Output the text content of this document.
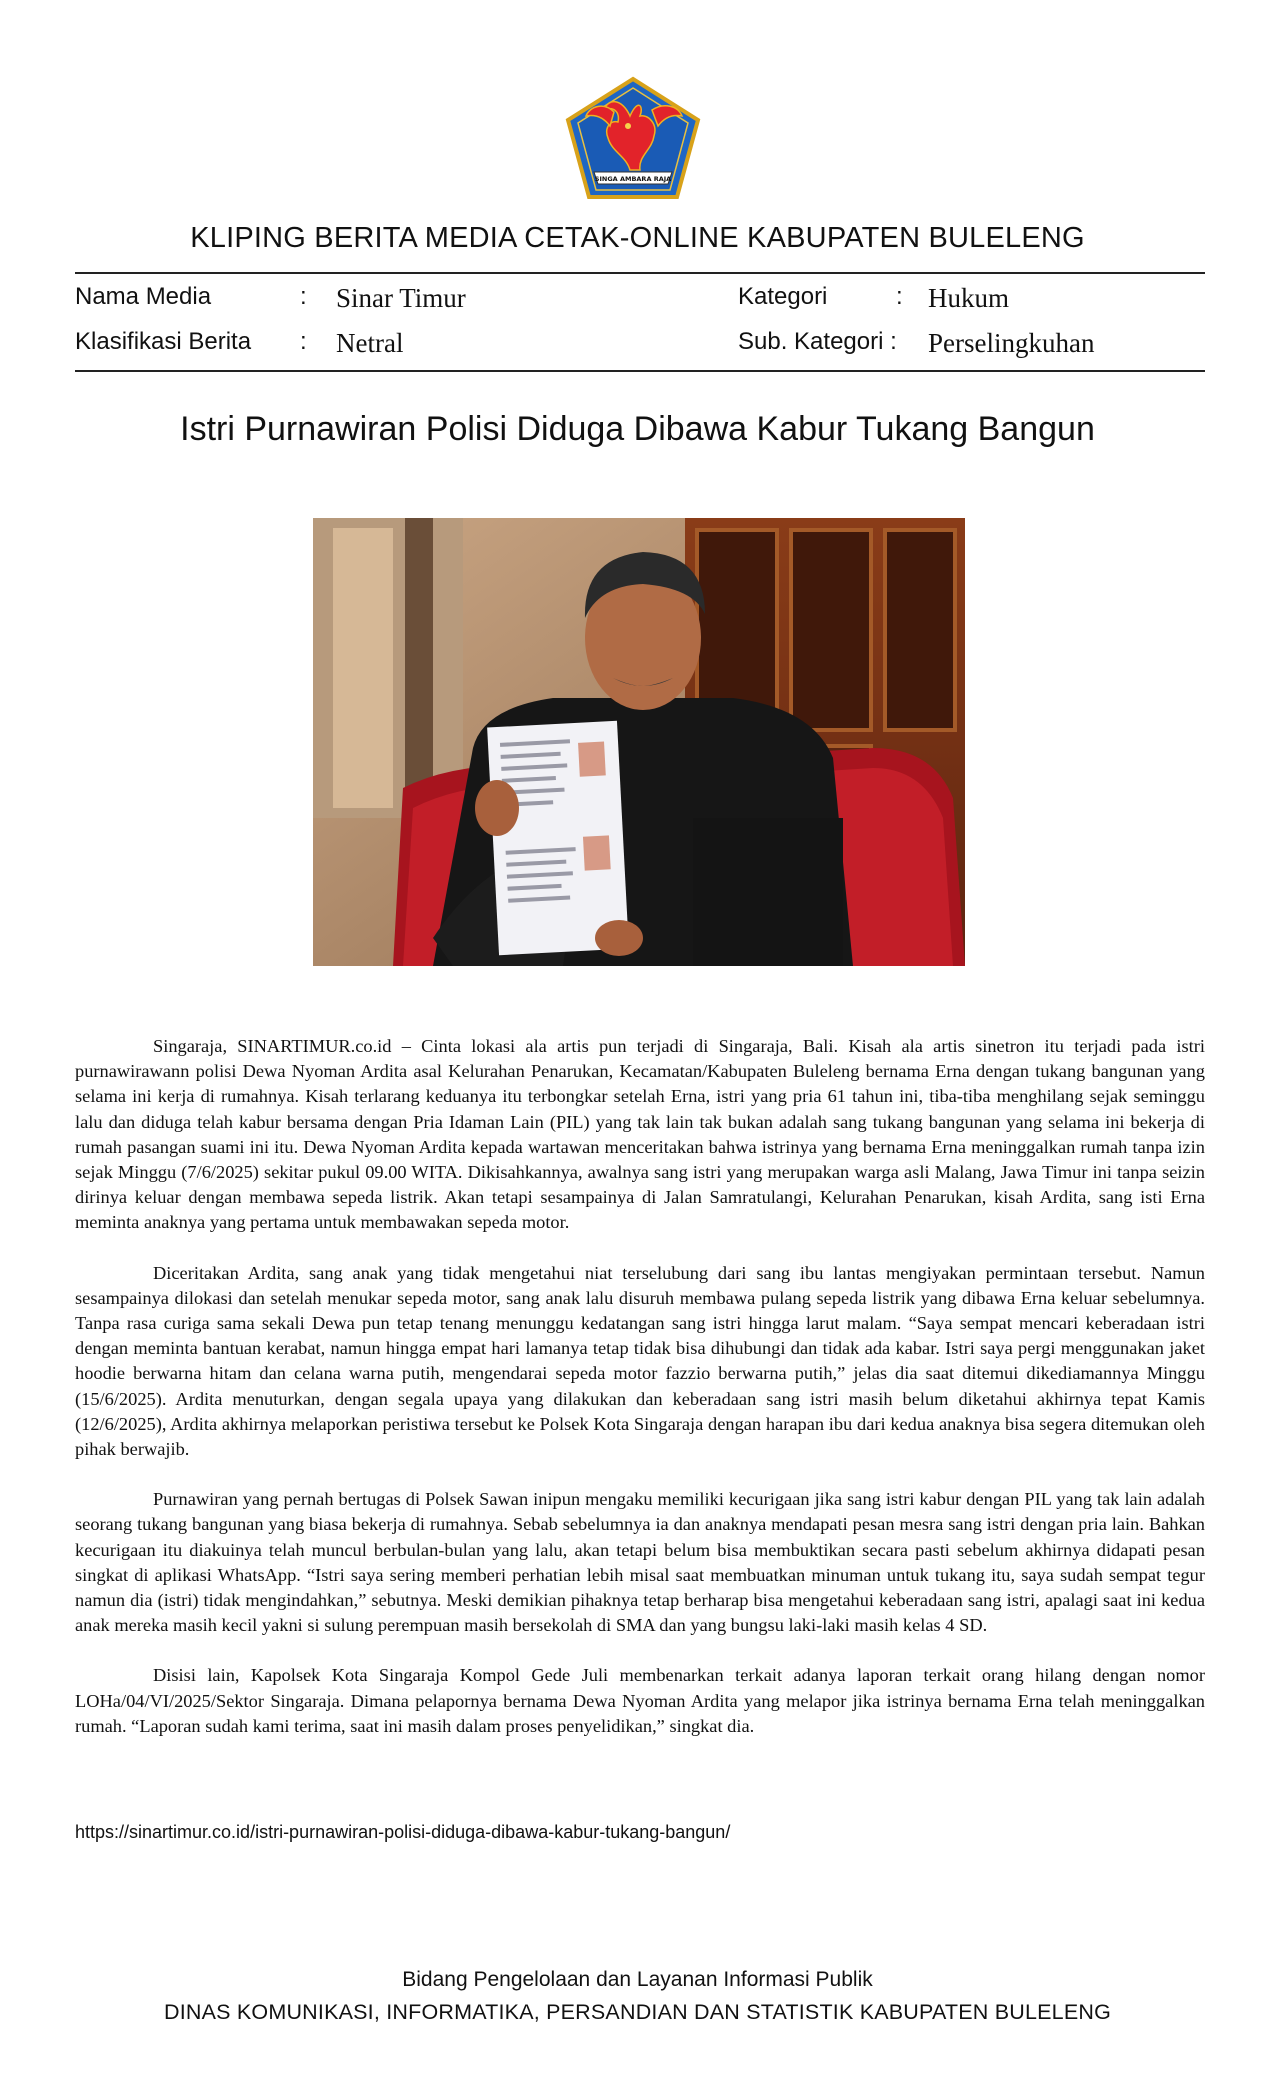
SINGA AMBARA RAJA
KLIPING BERITA MEDIA CETAK-ONLINE KABUPATEN BULELENG
Nama Media	: Sinar Timur	Kategori	: Hukum
Klasifikasi Berita : Netral	Sub. Kategori : Perselingkuhan
Istri Purnawiran Polisi Diduga Dibawa Kabur Tukang Bangun

Singaraja, SINARTIMUR.co.id – Cinta lokasi ala artis pun terjadi di Singaraja, Bali. Kisah ala artis sinetron itu terjadi pada istri purnawirawann polisi Dewa Nyoman Ardita asal Kelurahan Penarukan, Kecamatan/Kabupaten Buleleng bernama Erna dengan tukang bangunan yang selama ini kerja di rumahnya. Kisah terlarang keduanya itu terbongkar setelah Erna, istri yang pria 61 tahun ini, tiba-tiba menghilang sejak seminggu lalu dan diduga telah kabur bersama dengan Pria Idaman Lain (PIL) yang tak lain tak bukan adalah sang tukang bangunan yang selama ini bekerja di rumah pasangan suami ini itu. Dewa Nyoman Ardita kepada wartawan menceritakan bahwa istrinya yang bernama Erna meninggalkan rumah tanpa izin sejak Minggu (7/6/2025) sekitar pukul 09.00 WITA. Dikisahkannya, awalnya sang istri yang merupakan warga asli Malang, Jawa Timur ini tanpa seizin dirinya keluar dengan membawa sepeda listrik. Akan tetapi sesampainya di Jalan Samratulangi, Kelurahan Penarukan, kisah Ardita, sang isti Erna meminta anaknya yang pertama untuk membawakan sepeda motor.

Diceritakan Ardita, sang anak yang tidak mengetahui niat terselubung dari sang ibu lantas mengiyakan permintaan tersebut. Namun sesampainya dilokasi dan setelah menukar sepeda motor, sang anak lalu disuruh membawa pulang sepeda listrik yang dibawa Erna keluar sebelumnya. Tanpa rasa curiga sama sekali Dewa pun tetap tenang menunggu kedatangan sang istri hingga larut malam. “Saya sempat mencari keberadaan istri dengan meminta bantuan kerabat, namun hingga empat hari lamanya tetap tidak bisa dihubungi dan tidak ada kabar. Istri saya pergi menggunakan jaket hoodie berwarna hitam dan celana warna putih, mengendarai sepeda motor fazzio berwarna putih,” jelas dia saat ditemui dikediamannya Minggu (15/6/2025). Ardita menuturkan, dengan segala upaya yang dilakukan dan keberadaan sang istri masih belum diketahui akhirnya tepat Kamis (12/6/2025), Ardita akhirnya melaporkan peristiwa tersebut ke Polsek Kota Singaraja dengan harapan ibu dari kedua anaknya bisa segera ditemukan oleh pihak berwajib.

Purnawiran yang pernah bertugas di Polsek Sawan inipun mengaku memiliki kecurigaan jika sang istri kabur dengan PIL yang tak lain adalah seorang tukang bangunan yang biasa bekerja di rumahnya. Sebab sebelumnya ia dan anaknya mendapati pesan mesra sang istri dengan pria lain. Bahkan kecurigaan itu diakuinya telah muncul berbulan-bulan yang lalu, akan tetapi belum bisa membuktikan secara pasti sebelum akhirnya didapati pesan singkat di aplikasi WhatsApp. “Istri saya sering memberi perhatian lebih misal saat membuatkan minuman untuk tukang itu, saya sudah sempat tegur namun dia (istri) tidak mengindahkan,” sebutnya. Meski demikian pihaknya tetap berharap bisa mengetahui keberadaan sang istri, apalagi saat ini kedua anak mereka masih kecil yakni si sulung perempuan masih bersekolah di SMA dan yang bungsu laki-laki masih kelas 4 SD.

Disisi lain, Kapolsek Kota Singaraja Kompol Gede Juli membenarkan terkait adanya laporan terkait orang hilang dengan nomor LOHa/04/VI/2025/Sektor Singaraja. Dimana pelapornya bernama Dewa Nyoman Ardita yang melapor jika istrinya bernama Erna telah meninggalkan rumah. “Laporan sudah kami terima, saat ini masih dalam proses penyelidikan,” singkat dia.

https://sinartimur.co.id/istri-purnawiran-polisi-diduga-dibawa-kabur-tukang-bangun/
Bidang Pengelolaan dan Layanan Informasi Publik
DINAS KOMUNIKASI, INFORMATIKA, PERSANDIAN DAN STATISTIK KABUPATEN BULELENG
